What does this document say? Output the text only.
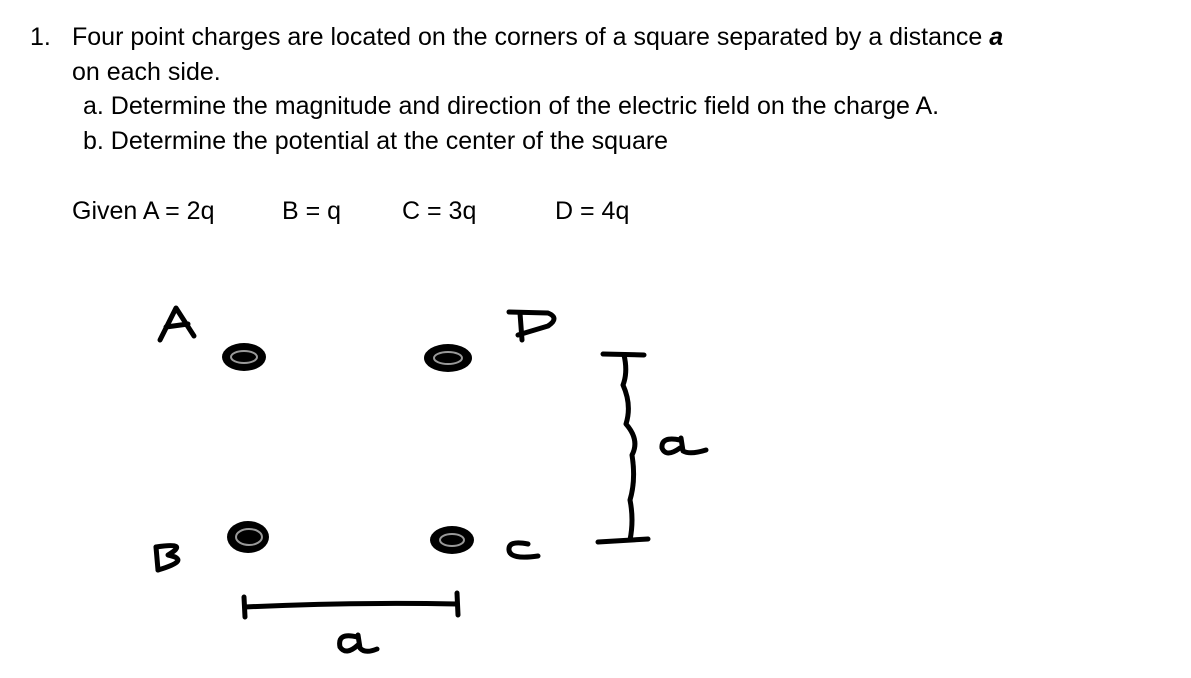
1. Four point charges are located on the corners of a square separated by a distance a
on each side.
a. Determine the magnitude and direction of the electric field on the charge A.
b. Determine the potential at the center of the square
Given A = 2q	B = q C = 3q	D = 4q
